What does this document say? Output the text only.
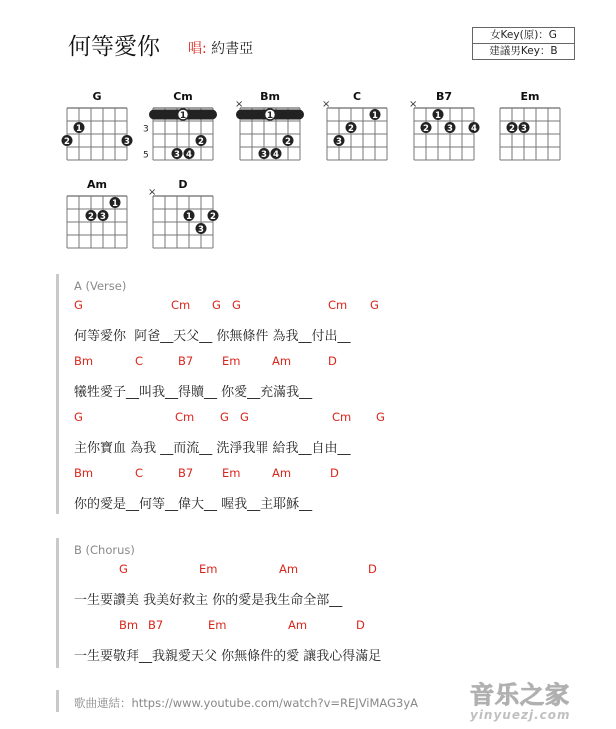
何等愛你 唱: 約書亞
女Key(原)：G
建議男Key：B
G
1
2	3
Cm
3
5
1
2
3 4
Bm
×
1
2
3 4
C
×
1
2
3
B7
×
1
2 3 4
Em
2 3
Am
1
2 3
D
×
1 2
3
A (Verse)
G	Cm G G	Cm G
何等愛你  阿爸__天父__ 你無條件 為我__付出__
Bm	C	B7	Em	Am	D
犧牲愛子__叫我__得贖__ 你愛__充滿我__
G	Cm G G	Cm G
主你寶血 為我 __而流__ 洗淨我罪 給我__自由__
Bm	C	B7	Em	Am	D
你的愛是__何等__偉大__ 喔我__主耶穌__
B (Chorus)
G	Em	Am	D
一生要讚美 我美好救主 你的愛是我生命全部__
Bm B7	Em	Am	D
一生要敬拜__我親愛天父 你無條件的愛 讓我心得滿足
歌曲連結：https://www.youtube.com/watch?v=REJViMAG3yA 音乐之家
yinyuezj.com
